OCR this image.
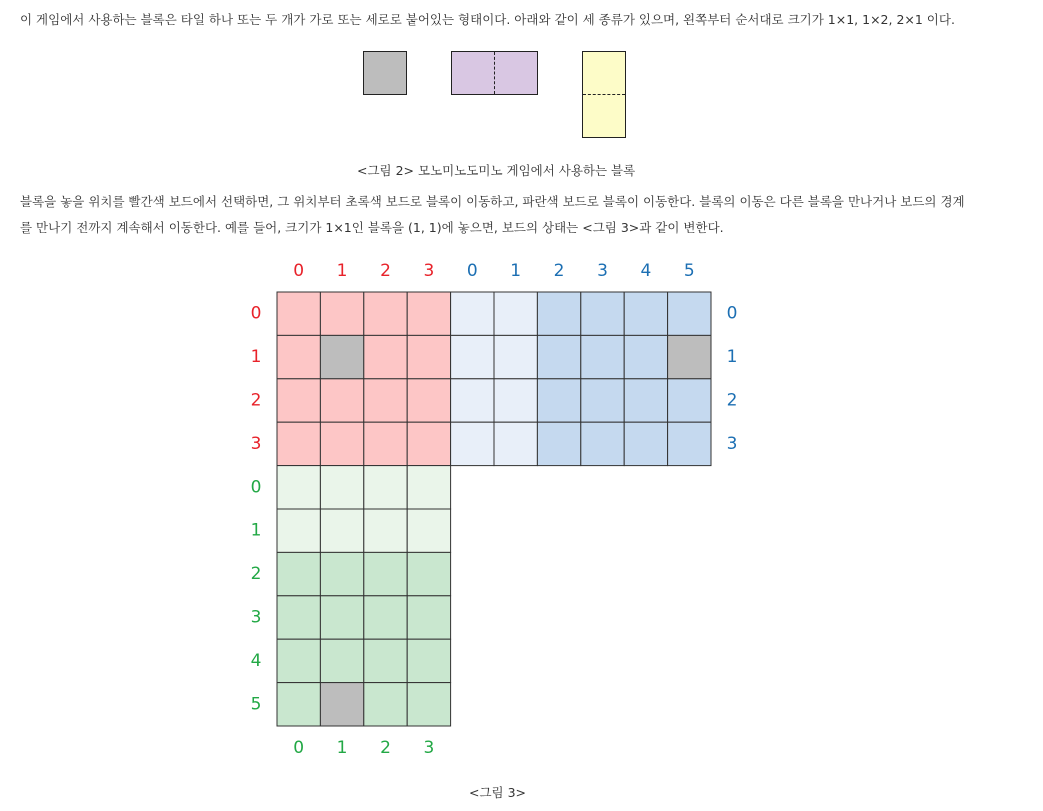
이 게임에서 사용하는 블록은 타일 하나 또는 두 개가 가로 또는 세로로 붙어있는 형태이다. 아래와 같이 세 종류가 있으며, 왼쪽부터 순서대로 크기가 1×1, 1×2, 2×1 이다.

<그림 2> 모노미노도미노 게임에서 사용하는 블록

블록을 놓을 위치를 빨간색 보드에서 선택하면, 그 위치부터 초록색 보드로 블록이 이동하고, 파란색 보드로 블록이 이동한다. 블록의 이동은 다른 블록을 만나거나 보드의 경계

를 만나기 전까지 계속해서 이동한다. 예를 들어, 크기가 1×1인 블록을 (1, 1)에 놓으면, 보드의 상태는 <그림 3>과 같이 변한다.

0 1 2 3
0
1
2
3
0 1 2 3 4 5
0
1
2
3
0
1
2
3
4
5
0 1 2 3
<그림 3>
